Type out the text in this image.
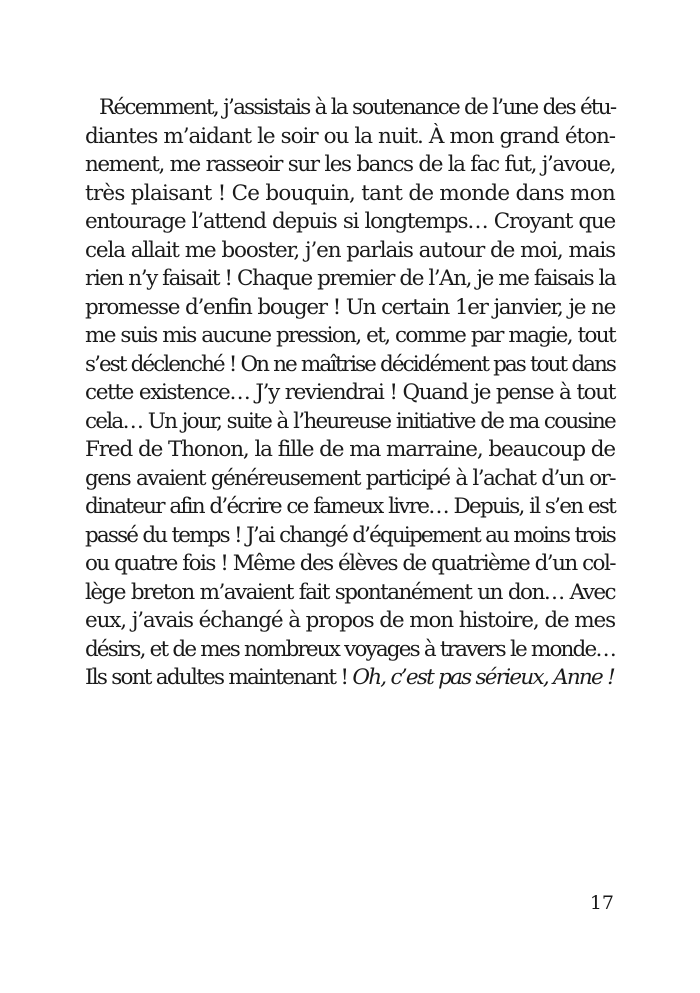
Récemment, j’assistais à la soutenance de l’une des étu-
diantes m’aidant le soir ou la nuit. À mon grand éton-
nement, me rasseoir sur les bancs de la fac fut, j’avoue,
très plaisant ! Ce bouquin, tant de monde dans mon
entourage l’attend depuis si longtemps… Croyant que
cela allait me booster, j’en parlais autour de moi, mais
rien n’y faisait ! Chaque premier de l’An, je me faisais la
promesse d’enfin bouger ! Un certain 1er janvier, je ne
me suis mis aucune pression, et, comme par magie, tout
s’est déclenché ! On ne maîtrise décidément pas tout dans
cette existence… J’y reviendrai ! Quand je pense à tout
cela… Un jour, suite à l’heureuse initiative de ma cousine
Fred de Thonon, la fille de ma marraine, beaucoup de
gens avaient généreusement participé à l’achat d’un or-
dinateur afin d’écrire ce fameux livre… Depuis, il s’en est
passé du temps ! J’ai changé d’équipement au moins trois
ou quatre fois ! Même des élèves de quatrième d’un col-
lège breton m’avaient fait spontanément un don… Avec
eux, j’avais échangé à propos de mon histoire, de mes
désirs, et de mes nombreux voyages à travers le monde…
Ils sont adultes maintenant ! Oh, c’est pas sérieux, Anne !
17
